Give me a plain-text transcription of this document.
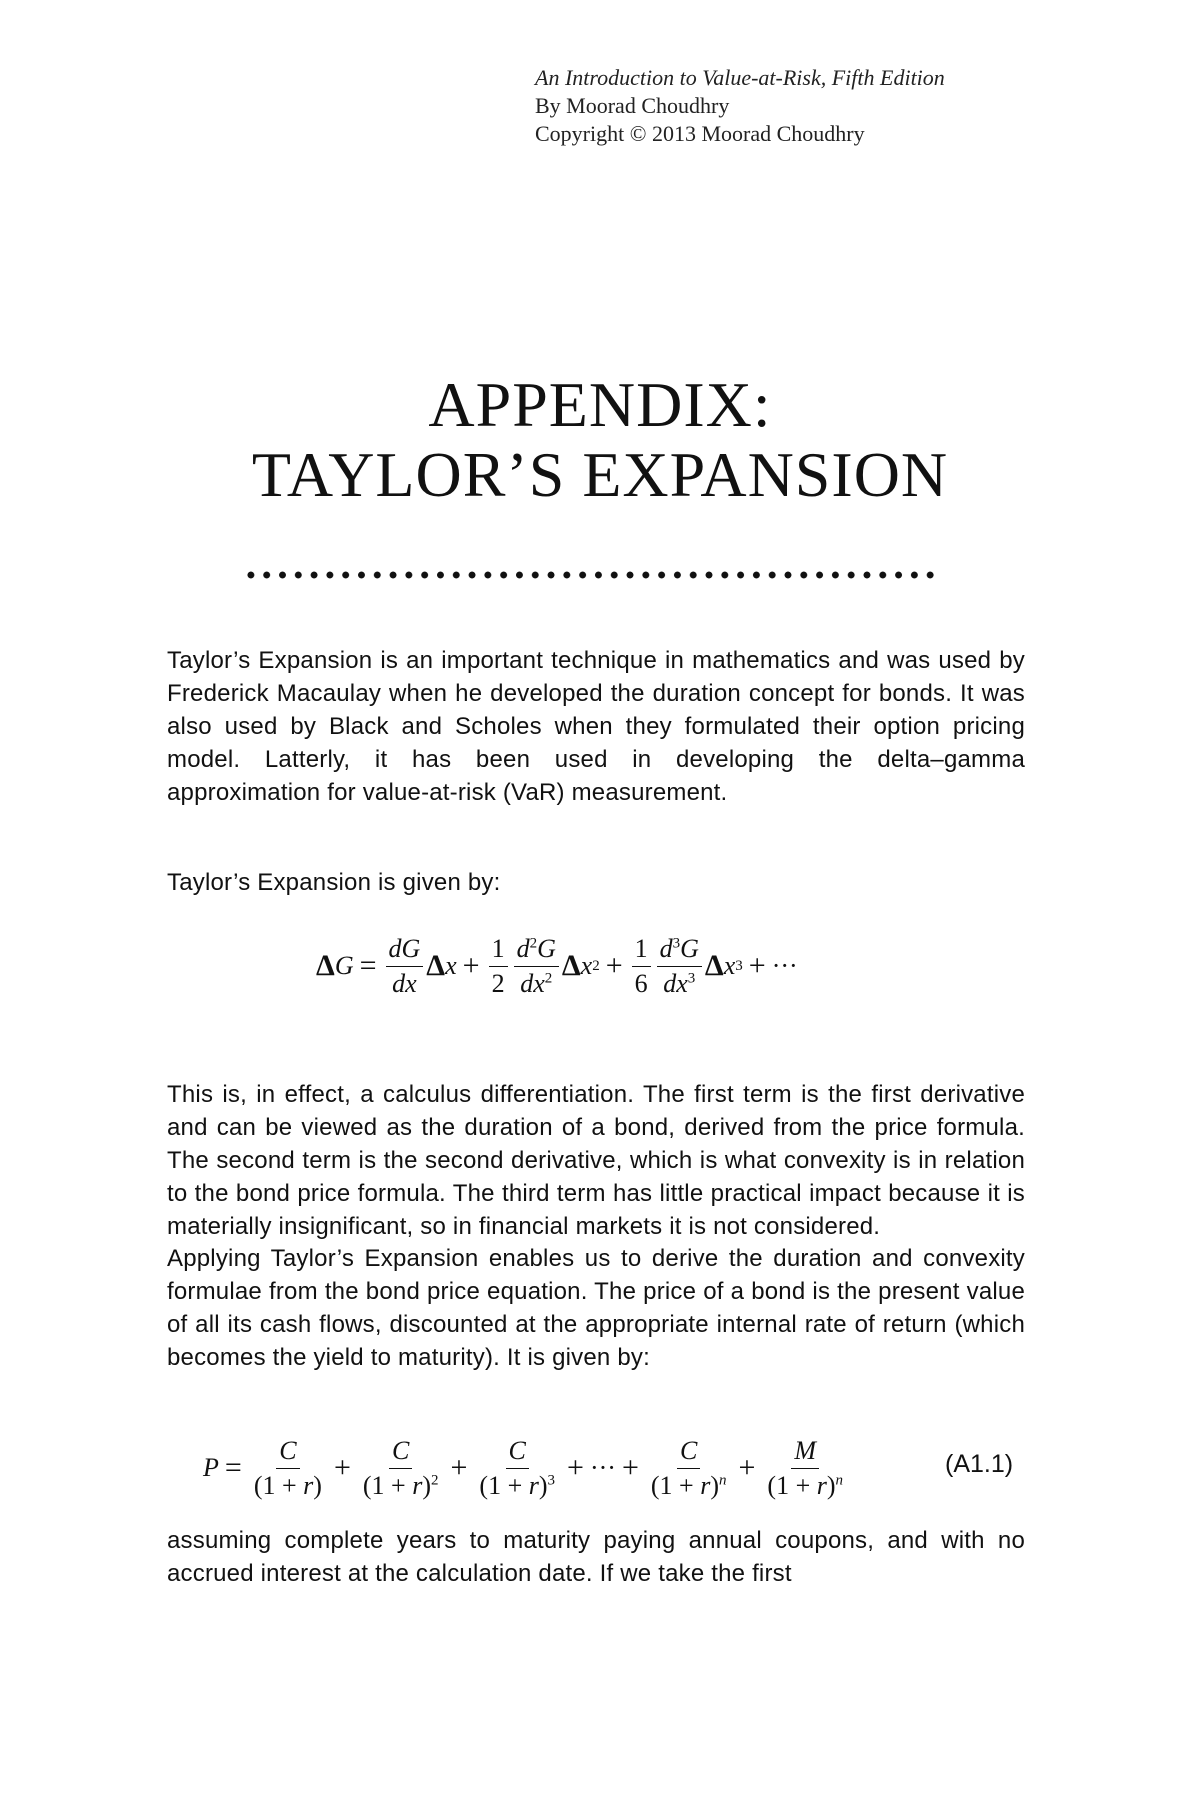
An Introduction to Value-at-Risk, Fifth Edition
By Moorad Choudhry
Copyright © 2013 Moorad Choudhry
APPENDIX:
TAYLOR’S EXPANSION

Taylor’s Expansion is an important technique in mathematics and was used by Frederick Macaulay when he developed the duration concept for bonds. It was also used by Black and Scholes when they formulated their option pricing model. Latterly, it has been used in developing the delta–gamma approximation for value-at-risk (VaR) measurement.

Taylor’s Expansion is given by:

Δ $G = \frac{dG}{dx}$ Δ $x + \frac{1}{2} \frac{d^2G}{dx^2}$ Δ x $2 + \frac{1}{6} \frac{d^3G}{dx^3}$ Δ x 3 + ···

This is, in effect, a calculus differentiation. The first term is the first derivative and can be viewed as the duration of a bond, derived from the price formula. The second term is the second derivative, which is what convexity is in relation to the bond price formula. The third term has little practical impact because it is materially insignificant, so in financial markets it is not considered.

Applying Taylor’s Expansion enables us to derive the duration and convexity formulae from the bond price equation. The price of a bond is the present value of all its cash flows, discounted at the appropriate internal rate of return (which becomes the yield to maturity). It is given by:

$P = \frac{C}{(1 + r)} + \frac{C}{(1 + r)^2} + \frac{C}{(1 + r)^3}$ + ··· + $\frac{C}{(1 + r)^n} + \frac{M}{(1 + r)^n}$	(A1.1)

assuming complete years to maturity paying annual coupons, and with no accrued interest at the calculation date. If we take the first
